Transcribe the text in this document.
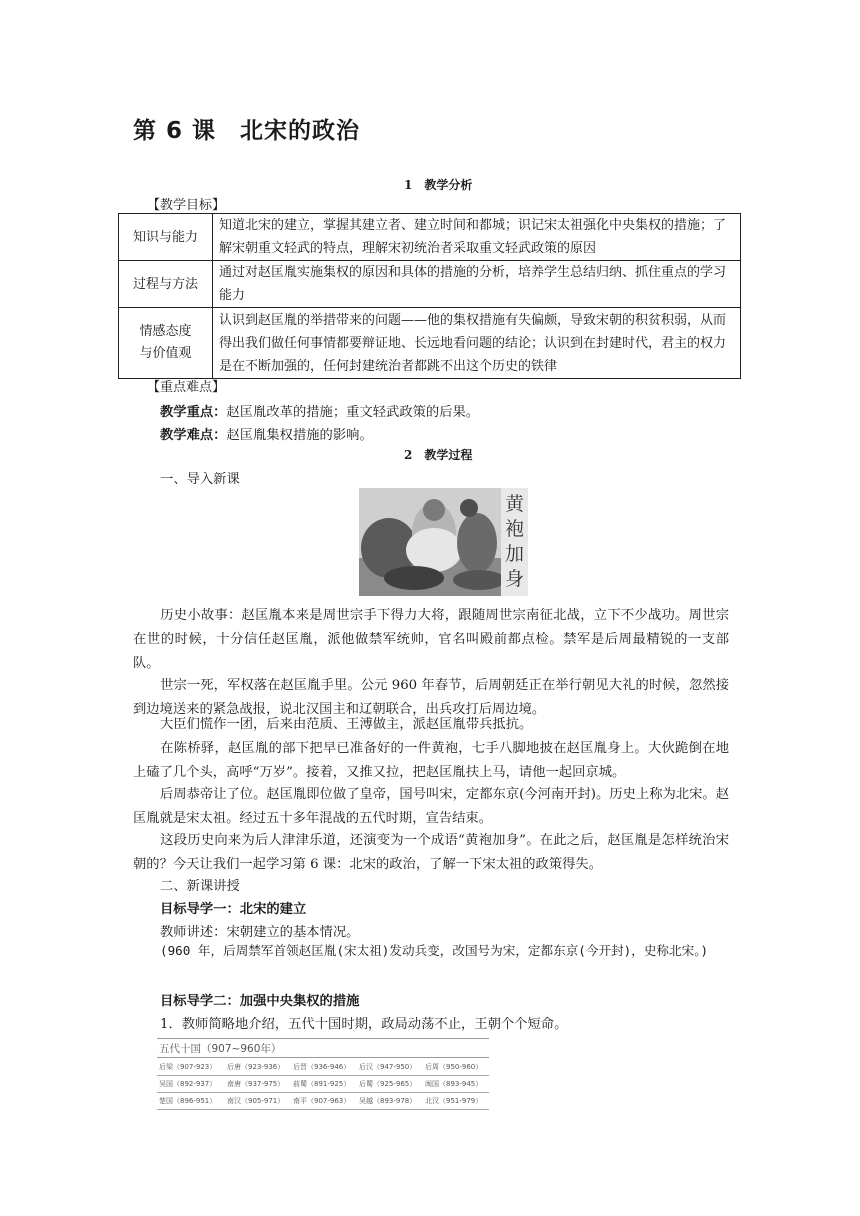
第 6 课　北宋的政治
1　教学分析
【教学目标】
知识与能力	知道北宋的建立，掌握其建立者、建立时间和都城；识记宋太祖强化中央集权的措施；了解宋朝重文轻武的特点，理解宋初统治者采取重文轻武政策的原因
过程与方法	通过对赵匡胤实施集权的原因和具体的措施的分析，培养学生总结归纳、抓住重点的学习能力

情感态度
与价值观	认识到赵匡胤的举措带来的问题——他的集权措施有失偏颇，导致宋朝的积贫积弱，从而得出我们做任何事情都要辩证地、长远地看问题的结论；认识到在封建时代，君主的权力是在不断加强的，任何封建统治者都跳不出这个历史的铁律
【重点难点】
教学重点：赵匡胤改革的措施；重文轻武政策的后果。
教学难点：赵匡胤集权措施的影响。
2　教学过程
一、导入新课
黄袍加身
历史小故事：赵匡胤本来是周世宗手下得力大将，跟随周世宗南征北战，立下不少战功。周世宗在世的时候，十分信任赵匡胤，派他做禁军统帅，官名叫殿前都点检。禁军是后周最精锐的一支部队。
世宗一死，军权落在赵匡胤手里。公元 960 年春节，后周朝廷正在举行朝见大礼的时候，忽然接到边境送来的紧急战报，说北汉国主和辽朝联合，出兵攻打后周边境。
大臣们慌作一团，后来由范质、王溥做主，派赵匡胤带兵抵抗。
在陈桥驿，赵匡胤的部下把早已准备好的一件黄袍，七手八脚地披在赵匡胤身上。大伙跪倒在地上磕了几个头，高呼“万岁”。接着，又推又拉，把赵匡胤扶上马，请他一起回京城。
后周恭帝让了位。赵匡胤即位做了皇帝，国号叫宋，定都东京(今河南开封)。历史上称为北宋。赵匡胤就是宋太祖。经过五十多年混战的五代时期，宣告结束。
这段历史向来为后人津津乐道，还演变为一个成语“黄袍加身”。在此之后，赵匡胤是怎样统治宋朝的？今天让我们一起学习第 6 课：北宋的政治，了解一下宋太祖的政策得失。
二、新课讲授
目标导学一：北宋的建立
教师讲述：宋朝建立的基本情况。
(960 年，后周禁军首领赵匡胤(宋太祖)发动兵变，改国号为宋，定都东京(今开封)，史称北宋。)
目标导学二：加强中央集权的措施
1．教师简略地介绍，五代十国时期，政局动荡不止，王朝个个短命。
五代十国（907~960年）
后梁（907-923） 后唐（923-936） 后晋（936-946） 后汉（947-950） 后周（950-960）
吴国（892-937） 南唐（937-975） 前蜀（891-925） 后蜀（925-965） 闽国（893-945）
楚国（896-951） 南汉（905-971） 南平（907-963） 吴越（893-978） 北汉（951-979）
